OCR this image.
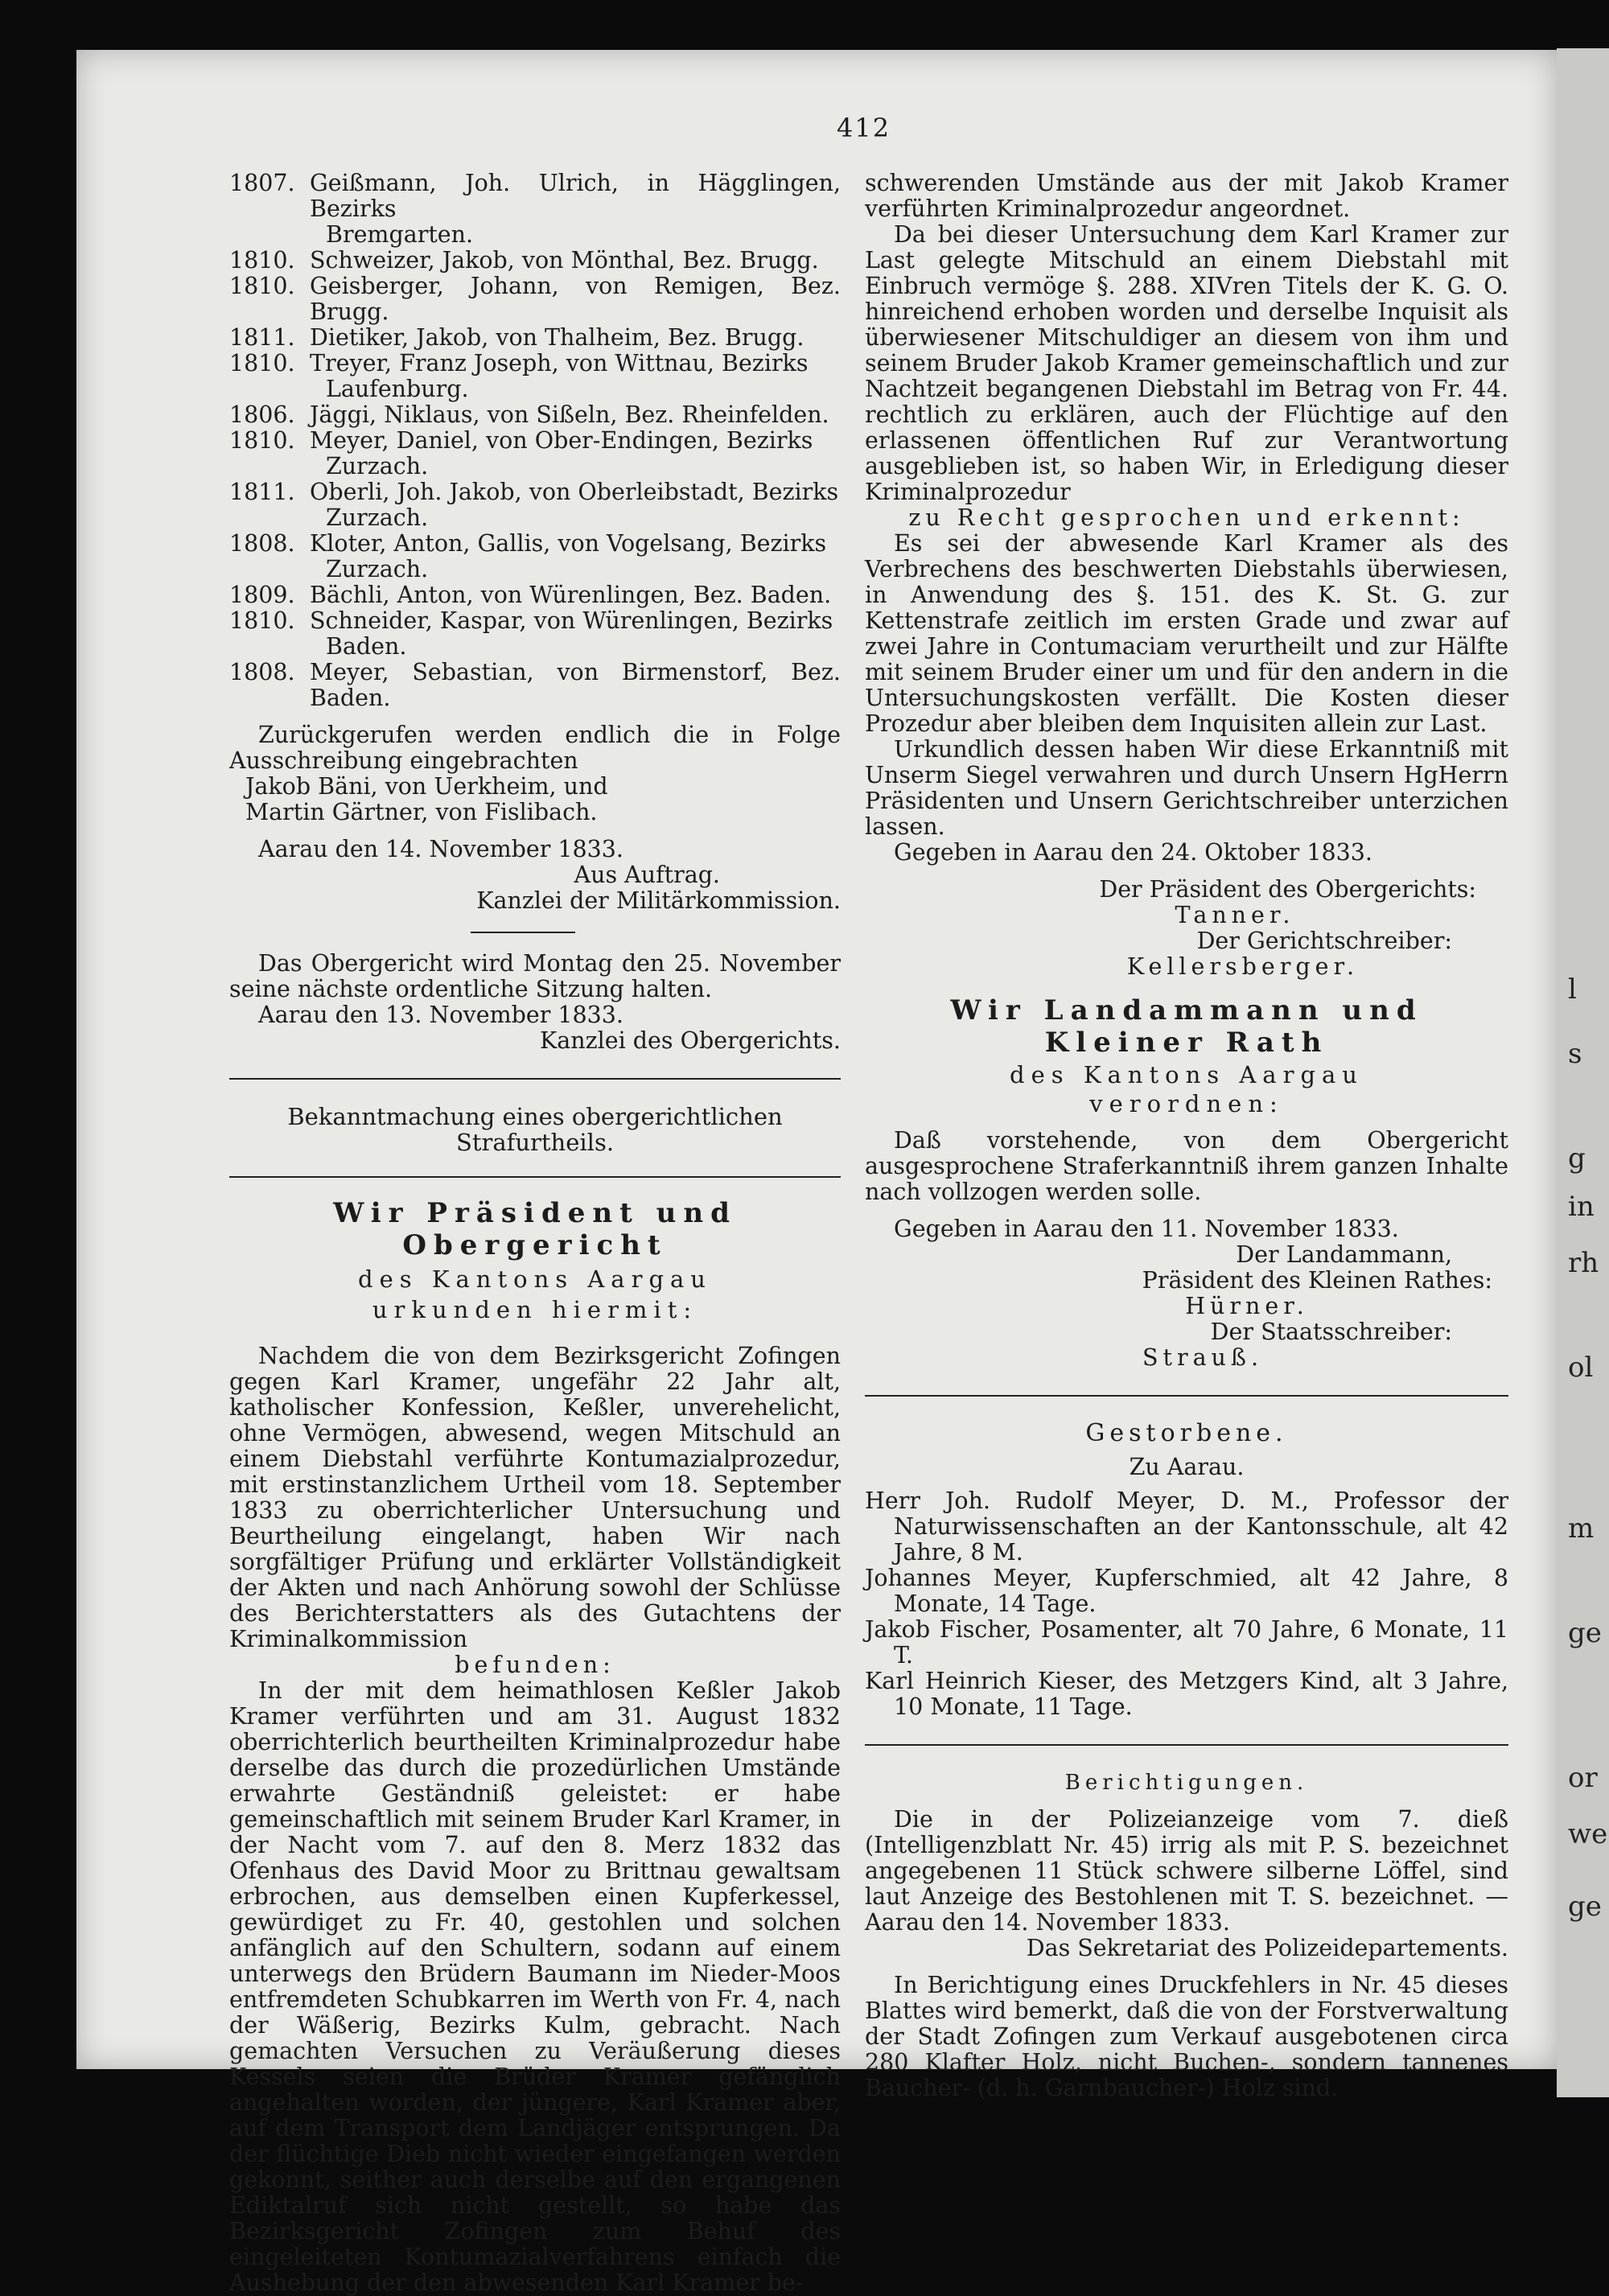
l
s
g
in
rh
ol
m
ge
or
we
ge
412
1807. Geißmann, Joh. Ulrich, in Hägglingen, Bezirks
Bremgarten.
1810. Schweizer, Jakob, von Mönthal, Bez. Brugg.
1810. Geisberger, Johann, von Remigen, Bez. Brugg.
1811. Dietiker, Jakob, von Thalheim, Bez. Brugg.
1810. Treyer, Franz Joseph, von Wittnau, Bezirks
Laufenburg.
1806. Jäggi, Niklaus, von Sißeln, Bez. Rheinfelden.
1810. Meyer, Daniel, von Ober-Endingen, Bezirks
Zurzach.
1811. Oberli, Joh. Jakob, von Oberleibstadt, Bezirks
Zurzach.
1808. Kloter, Anton, Gallis, von Vogelsang, Bezirks
Zurzach.
1809. Bächli, Anton, von Würenlingen, Bez. Baden.
1810. Schneider, Kaspar, von Würenlingen, Bezirks
Baden.
1808. Meyer, Sebastian, von Birmenstorf, Bez. Baden.

Zurückgerufen werden endlich die in Folge Ausschreibung eingebrachten

Jakob Bäni, von Uerkheim, und
Martin Gärtner, von Fislibach.

Aarau den 14. November 1833.

Aus Auftrag.

Kanzlei der Militärkommission.

Das Obergericht wird Montag den 25. November seine nächste ordentliche Sitzung halten.

Aarau den 13. November 1833.

Kanzlei des Obergerichts.

Bekanntmachung eines obergerichtlichen Strafurtheils.

Wir Präsident und Obergericht

des Kantons Aargau

urkunden hiermit:

Nachdem die von dem Bezirksgericht Zofingen gegen Karl Kramer, ungefähr 22 Jahr alt, katholischer Konfession, Keßler, unverehelicht, ohne Vermögen, abwesend, wegen Mitschuld an einem Diebstahl verführte Kontumazialprozedur, mit erstinstanzlichem Urtheil vom 18. September 1833 zu oberrichterlicher Untersuchung und Beurtheilung eingelangt, haben Wir nach sorgfältiger Prüfung und erklärter Vollständigkeit der Akten und nach Anhörung sowohl der Schlüsse des Berichterstatters als des Gutachtens der Kriminalkommission

befunden:

In der mit dem heimathlosen Keßler Jakob Kramer verführten und am 31. August 1832 oberrichterlich beurtheilten Kriminalprozedur habe derselbe das durch die prozedürlichen Umstände erwahrte Geständniß geleistet: er habe gemeinschaftlich mit seinem Bruder Karl Kramer, in der Nacht vom 7. auf den 8. Merz 1832 das Ofenhaus des David Moor zu Brittnau gewaltsam erbrochen, aus demselben einen Kupferkessel, gewürdiget zu Fr. 40, gestohlen und solchen anfänglich auf den Schultern, sodann auf einem unterwegs den Brüdern Baumann im Nieder-Moos entfremdeten Schubkarren im Werth von Fr. 4, nach der Wäßerig, Bezirks Kulm, gebracht. Nach gemachten Versuchen zu Veräußerung dieses Kessels seien die Brüder Kramer gefänglich angehalten worden, der jüngere, Karl Kramer aber, auf dem Transport dem Landjäger entsprungen. Da der flüchtige Dieb nicht wieder eingefangen werden gekonnt, seither auch derselbe auf den ergangenen Ediktalruf sich nicht gestellt, so habe das Bezirksgericht Zofingen zum Behuf des eingeleiteten Kontumazialverfahrens einfach die Aushebung der den abwesenden Karl Kramer be-

schwerenden Umstände aus der mit Jakob Kramer verführten Kriminalprozedur angeordnet.

Da bei dieser Untersuchung dem Karl Kramer zur Last gelegte Mitschuld an einem Diebstahl mit Einbruch vermöge §. 288. XIVren Titels der K. G. O. hinreichend erhoben worden und derselbe Inquisit als überwiesener Mitschuldiger an diesem von ihm und seinem Bruder Jakob Kramer gemeinschaftlich und zur Nachtzeit begangenen Diebstahl im Betrag von Fr. 44. rechtlich zu erklären, auch der Flüchtige auf den erlassenen öffentlichen Ruf zur Verantwortung ausgeblieben ist, so haben Wir, in Erledigung dieser Kriminalprozedur

zu Recht gesprochen und erkennt:

Es sei der abwesende Karl Kramer als des Verbrechens des beschwerten Diebstahls überwiesen, in Anwendung des §. 151. des K. St. G. zur Kettenstrafe zeitlich im ersten Grade und zwar auf zwei Jahre in Contumaciam verurtheilt und zur Hälfte mit seinem Bruder einer um und für den andern in die Untersuchungskosten verfällt. Die Kosten dieser Prozedur aber bleiben dem Inquisiten allein zur Last.

Urkundlich dessen haben Wir diese Erkanntniß mit Unserm Siegel verwahren und durch Unsern HgHerrn Präsidenten und Unsern Gerichtschreiber unterzichen lassen.

Gegeben in Aarau den 24. Oktober 1833.

Der Präsident des Obergerichts:

Tanner.

Der Gerichtschreiber:

Kellersberger.

Wir Landammann und Kleiner Rath

des Kantons Aargau

verordnen:

Daß vorstehende, von dem Obergericht ausgesprochene Straferkanntniß ihrem ganzen Inhalte nach vollzogen werden solle.

Gegeben in Aarau den 11. November 1833.

Der Landammann,

Präsident des Kleinen Rathes:

Hürner.

Der Staatsschreiber:

Strauß.

Gestorbene.

Zu Aarau.

Herr Joh. Rudolf Meyer, D. M., Professor der Naturwissenschaften an der Kantonsschule, alt 42 Jahre, 8 M.

Johannes Meyer, Kupferschmied, alt 42 Jahre, 8 Monate, 14 Tage.

Jakob Fischer, Posamenter, alt 70 Jahre, 6 Monate, 11 T.

Karl Heinrich Kieser, des Metzgers Kind, alt 3 Jahre, 10 Monate, 11 Tage.

Berichtigungen.

Die in der Polizeianzeige vom 7. dieß (Intelligenzblatt Nr. 45) irrig als mit P. S. bezeichnet angegebenen 11 Stück schwere silberne Löffel, sind laut Anzeige des Bestohlenen mit T. S. bezeichnet. — Aarau den 14. November 1833.

Das Sekretariat des Polizeidepartements.

In Berichtigung eines Druckfehlers in Nr. 45 dieses Blattes wird bemerkt, daß die von der Forstverwaltung der Stadt Zofingen zum Verkauf ausgebotenen circa 280 Klafter Holz, nicht Buchen-, sondern tannenes Baucher- (d. h. Garnbaucher-) Holz sind.
